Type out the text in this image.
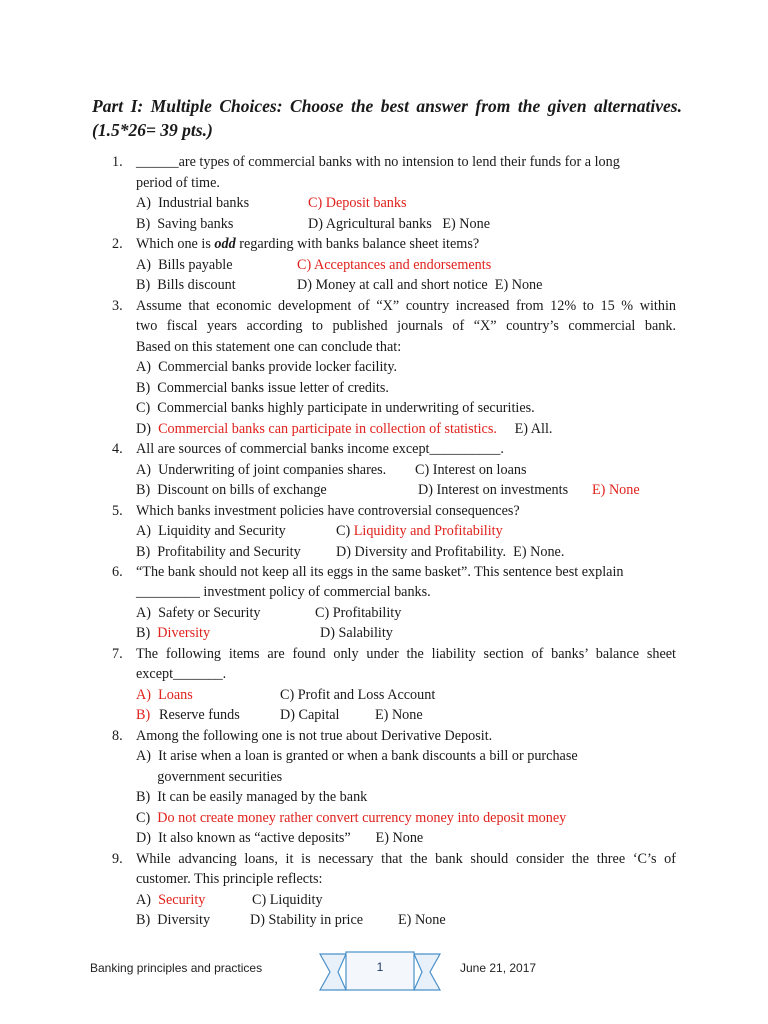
Part I: Multiple Choices: Choose the best answer from the given alternatives.
(1.5*26= 39 pts.)
1. ______are types of commercial banks with no intension to lend their funds for a long
period of time.
A)  Industrial banks	C) Deposit banks
B)  Saving banks	D) Agricultural banks   E) None
2. Which one is odd regarding with banks balance sheet items?
A)  Bills payable	C) Acceptances and endorsements
B)  Bills discount	D) Money at call and short notice  E) None
3. Assume that economic development of “X” country increased from 12% to 15 % within
two fiscal years according to published journals of “X” country’s commercial bank.
Based on this statement one can conclude that:
A)  Commercial banks provide locker facility.
B)  Commercial banks issue letter of credits.
C)  Commercial banks highly participate in underwriting of securities.
D)  Commercial banks can participate in collection of statistics.     E) All.
4. All are sources of commercial banks income except__________.
A)  Underwriting of joint companies shares. C) Interest on loans
B)  Discount on bills of exchange	D) Interest on investments E) None
5. Which banks investment policies have controversial consequences?
A)  Liquidity and Security	C) Liquidity and Profitability
B)  Profitability and Security D) Diversity and Profitability.  E) None.
6. “The bank should not keep all its eggs in the same basket”. This sentence best explain
_________ investment policy of commercial banks.
A)  Safety or Security	C) Profitability
B)  Diversity	D) Salability
7. The following items are found only under the liability section of banks’ balance sheet
except_______.
A)  Loans	C) Profit and Loss Account
B) Reserve funds	D) Capital	E) None
8. Among the following one is not true about Derivative Deposit.
A)  It arise when a loan is granted or when a bank discounts a bill or purchase
government securities
B)  It can be easily managed by the bank
C)  Do not create money rather convert currency money into deposit money
D)  It also known as “active deposits”       E) None
9. While advancing loans, it is necessary that the bank should consider the three ‘C’s of
customer. This principle reflects:
A)  Security	C) Liquidity
B)  Diversity	D) Stability in price E) None
Banking principles and practices	1	June 21, 2017
